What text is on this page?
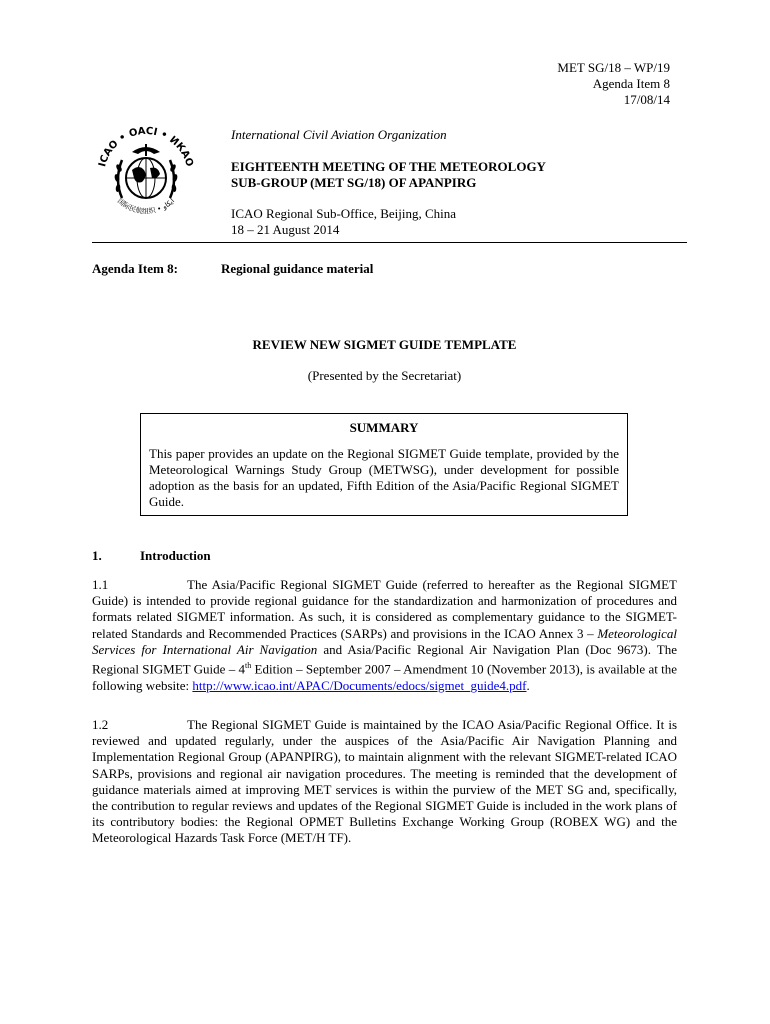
MET SG/18 – WP/19
Agenda Item 8
17/08/14
ICAO • OACI • ИКАО
国际民航组织 • ايكاو
International Civil Aviation Organization
EIGHTEENTH MEETING OF THE METEOROLOGY
SUB-GROUP (MET SG/18) OF APANPIRG
ICAO Regional Sub-Office, Beijing, China
18 – 21 August 2014
Agenda Item 8:	Regional guidance material
REVIEW NEW SIGMET GUIDE TEMPLATE
(Presented by the Secretariat)
SUMMARY
This paper provides an update on the Regional SIGMET Guide template, provided by the Meteorological Warnings Study Group (METWSG), under development for possible adoption as the basis for an updated, Fifth Edition of the Asia/Pacific Regional SIGMET Guide.
1.	Introduction
1.1	The Asia/Pacific Regional SIGMET Guide (referred to hereafter as the Regional SIGMET Guide) is intended to provide regional guidance for the standardization and harmonization of procedures and formats related SIGMET information. As such, it is considered as complementary guidance to the SIGMET-related Standards and Recommended Practices (SARPs) and provisions in the ICAO Annex 3 – Meteorological Services for International Air Navigation and Asia/Pacific Regional Air Navigation Plan (Doc 9673). The Regional SIGMET Guide – 4th Edition – September 2007 – Amendment 10 (November 2013), is available at the following website: http://www.icao.int/APAC/Documents/edocs/sigmet_guide4.pdf.
1.2	The Regional SIGMET Guide is maintained by the ICAO Asia/Pacific Regional Office. It is reviewed and updated regularly, under the auspices of the Asia/Pacific Air Navigation Planning and Implementation Regional Group (APANPIRG), to maintain alignment with the relevant SIGMET-related ICAO SARPs, provisions and regional air navigation procedures. The meeting is reminded that the development of guidance materials aimed at improving MET services is within the purview of the MET SG and, specifically, the contribution to regular reviews and updates of the Regional SIGMET Guide is included in the work plans of its contributory bodies: the Regional OPMET Bulletins Exchange Working Group (ROBEX WG) and the Meteorological Hazards Task Force (MET/H TF).
